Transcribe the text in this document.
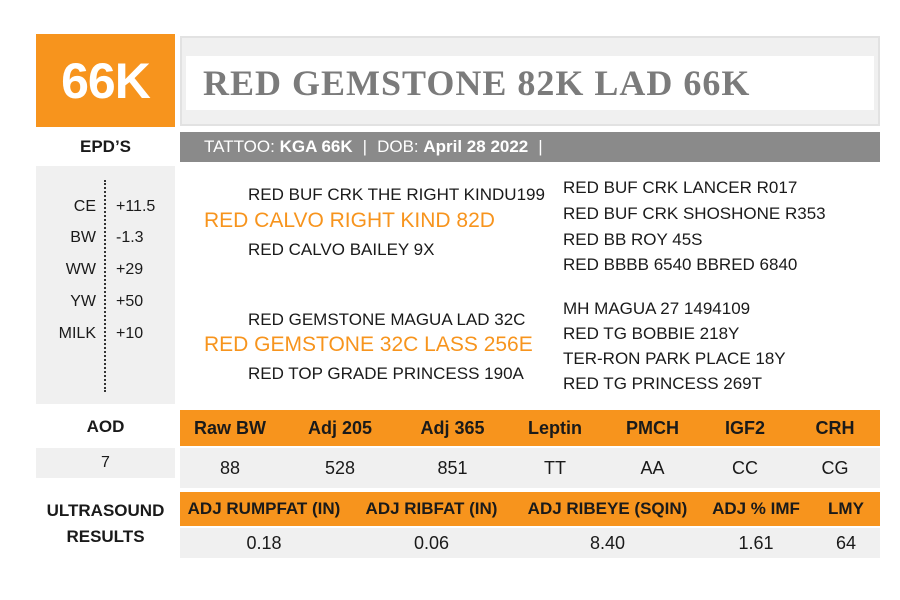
66K	RED GEMSTONE 82K LAD 66K
EPD’S	TATTOO:
KGA 66K | DOB:
April 28 2022 |
CE +11.5
BW -1.3
WW +29
YW +50
MILK +10
RED BUF CRK THE RIGHT KINDU199
RED CALVO RIGHT KIND 82D
RED CALVO BAILEY 9X
RED BUF CRK LANCER R017
RED BUF CRK SHOSHONE R353
RED BB ROY 45S
RED BBBB 6540 BBRED 6840
RED GEMSTONE MAGUA LAD 32C
RED GEMSTONE 32C LASS 256E
RED TOP GRADE PRINCESS 190A
MH MAGUA 27 1494109
RED TG BOBBIE 218Y
TER-RON PARK PLACE 18Y
RED TG PRINCESS 269T
AOD
7
Raw BW	Adj 205	Adj 365	Leptin	PMCH	IGF2	CRH
88	528	851	TT	AA	CC	CG
ULTRASOUND
RESULTS
ADJ RUMPFAT (IN)	ADJ RIBFAT (IN)	ADJ RIBEYE (SQIN)	ADJ % IMF	LMY
0.18	0.06	8.40	1.61	64
